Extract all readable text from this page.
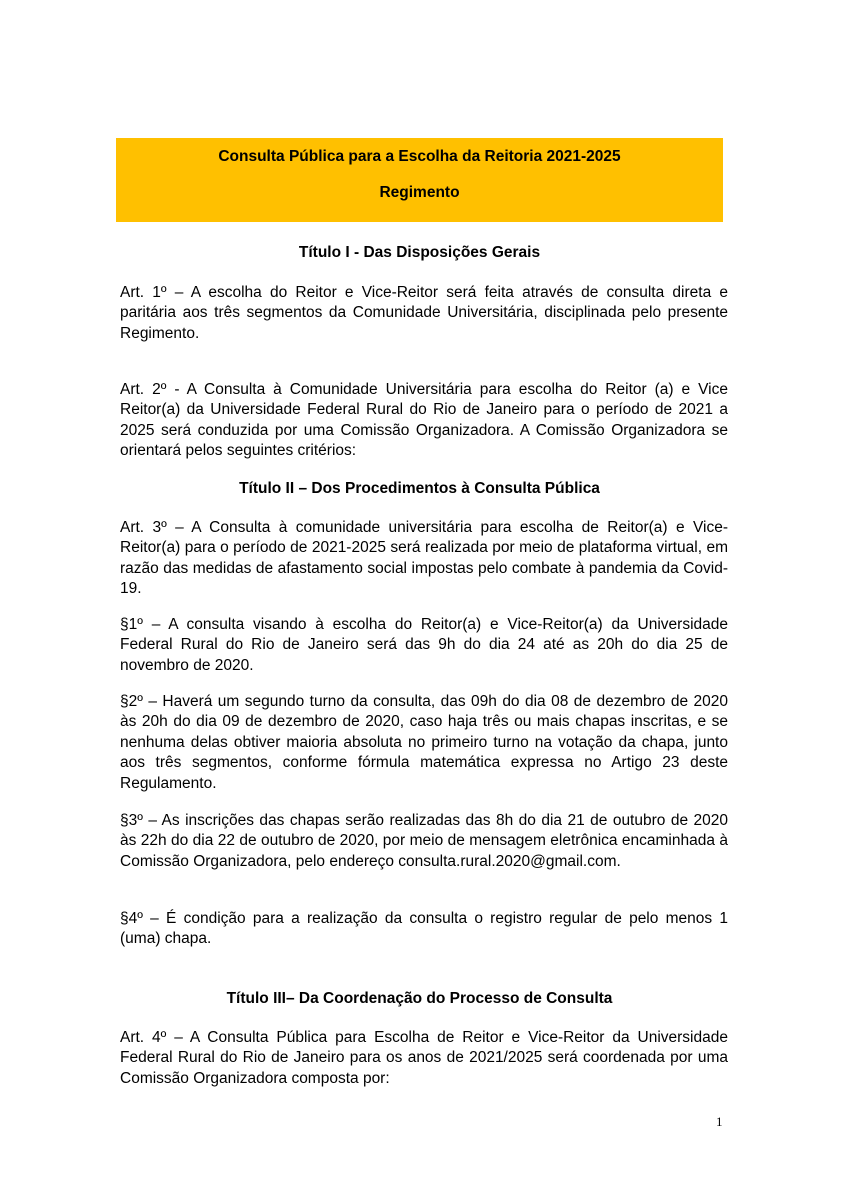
Consulta Pública para a Escolha da Reitoria 2021-2025
Regimento
Título I - Das Disposições Gerais
Art. 1º – A escolha do Reitor e Vice-Reitor será feita através de consulta direta e paritária aos três segmentos da Comunidade Universitária, disciplinada pelo presente Regimento.
Art. 2º - A Consulta à Comunidade Universitária para escolha do Reitor (a) e Vice Reitor(a) da Universidade Federal Rural do Rio de Janeiro para o período de 2021 a 2025 será conduzida por uma Comissão Organizadora. A Comissão Organizadora se orientará pelos seguintes critérios:
Título II – Dos Procedimentos à Consulta Pública
Art. 3º – A Consulta à comunidade universitária para escolha de Reitor(a) e Vice-Reitor(a) para o período de 2021-2025 será realizada por meio de plataforma virtual, em razão das medidas de afastamento social impostas pelo combate à pandemia da Covid-19.
§1º – A consulta visando à escolha do Reitor(a) e Vice-Reitor(a) da Universidade Federal Rural do Rio de Janeiro será das 9h do dia 24 até as 20h do dia 25 de novembro de 2020.
§2º – Haverá um segundo turno da consulta, das 09h do dia 08 de dezembro de 2020 às 20h do dia 09 de dezembro de 2020, caso haja três ou mais chapas inscritas, e se nenhuma delas obtiver maioria absoluta no primeiro turno na votação da chapa, junto aos três segmentos, conforme fórmula matemática expressa no Artigo 23 deste Regulamento.
§3º – As inscrições das chapas serão realizadas das 8h do dia 21 de outubro de 2020 às 22h do dia 22 de outubro de 2020, por meio de mensagem eletrônica encaminhada à Comissão Organizadora, pelo endereço consulta.rural.2020@gmail.com.
§4º – É condição para a realização da consulta o registro regular de pelo menos 1 (uma) chapa.
Título III– Da Coordenação do Processo de Consulta
Art. 4º – A Consulta Pública para Escolha de Reitor e Vice-Reitor da Universidade Federal Rural do Rio de Janeiro para os anos de 2021/2025 será coordenada por uma Comissão Organizadora composta por:
1
